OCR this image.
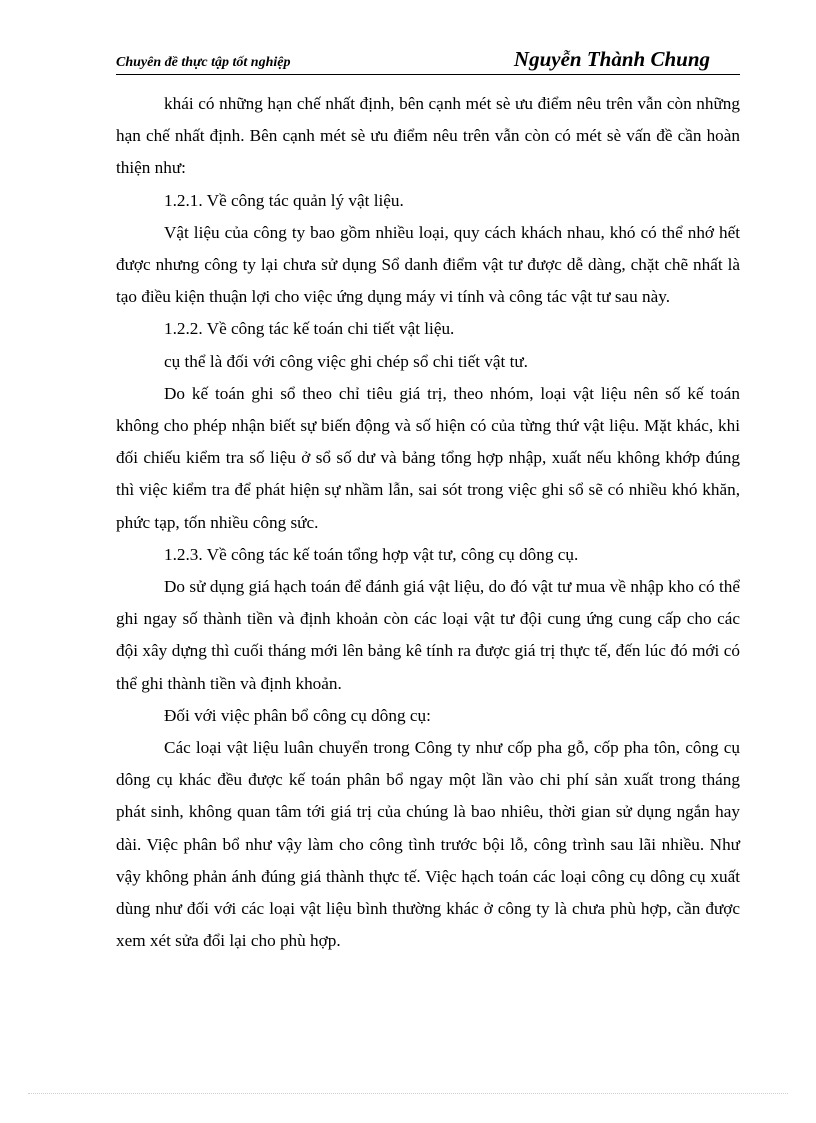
Chuyên đề thực tập tốt nghiệp	Nguyễn Thành Chung

khái có những hạn chế nhất định, bên cạnh mét sè ưu điểm nêu trên vẫn còn những hạn chế nhất định. Bên cạnh mét sè ưu điểm nêu trên vẫn còn có mét sè vấn đề cần hoàn thiện như:

1.2.1. Về công tác quản lý vật liệu.

Vật liệu của công ty bao gồm nhiều loại, quy cách khách nhau, khó có thể nhớ hết được nhưng công ty lại chưa sử dụng Sổ danh điểm vật tư được dễ dàng, chặt chẽ nhất là tạo điều kiện thuận lợi cho việc ứng dụng máy vi tính và công tác vật tư sau này.

1.2.2. Về công tác kế toán chi tiết vật liệu.

cụ thể là đối với công việc ghi chép sổ chi tiết vật tư.

Do kế toán ghi sổ theo chỉ tiêu giá trị, theo nhóm, loại vật liệu nên số kế toán không cho phép nhận biết sự biến động và số hiện có của từng thứ vật liệu. Mặt khác, khi đối chiếu kiểm tra số liệu ở sổ số dư và bảng tổng hợp nhập, xuất nếu không khớp đúng thì việc kiểm tra để phát hiện sự nhầm lẫn, sai sót trong việc ghi sổ sẽ có nhiều khó khăn, phức tạp, tốn nhiều công sức.

1.2.3. Về công tác kế toán tổng hợp vật tư, công cụ dông cụ.

Do sử dụng giá hạch toán để đánh giá vật liệu, do đó vật tư mua về nhập kho có thể ghi ngay số thành tiền và định khoản còn các loại vật tư đội cung ứng cung cấp cho các đội xây dựng thì cuối tháng mới lên bảng kê tính ra được giá trị thực tế, đến lúc đó mới có thể ghi thành tiền và định khoản.

Đối với việc phân bổ công cụ dông cụ:

Các loại vật liệu luân chuyển trong Công ty như cốp pha gỗ, cốp pha tôn, công cụ dông cụ khác đều được kế toán phân bổ ngay một lần vào chi phí sản xuất trong tháng phát sinh, không quan tâm tới giá trị của chúng là bao nhiêu, thời gian sử dụng ngắn hay dài. Việc phân bổ như vậy làm cho công tình trước bội lỗ, công trình sau lãi nhiều. Như vậy không phản ánh đúng giá thành thực tế. Việc hạch toán các loại công cụ dông cụ xuất dùng như đối với các loại vật liệu bình thường khác ở công ty là chưa phù hợp, cần được xem xét sửa đổi lại cho phù hợp.
